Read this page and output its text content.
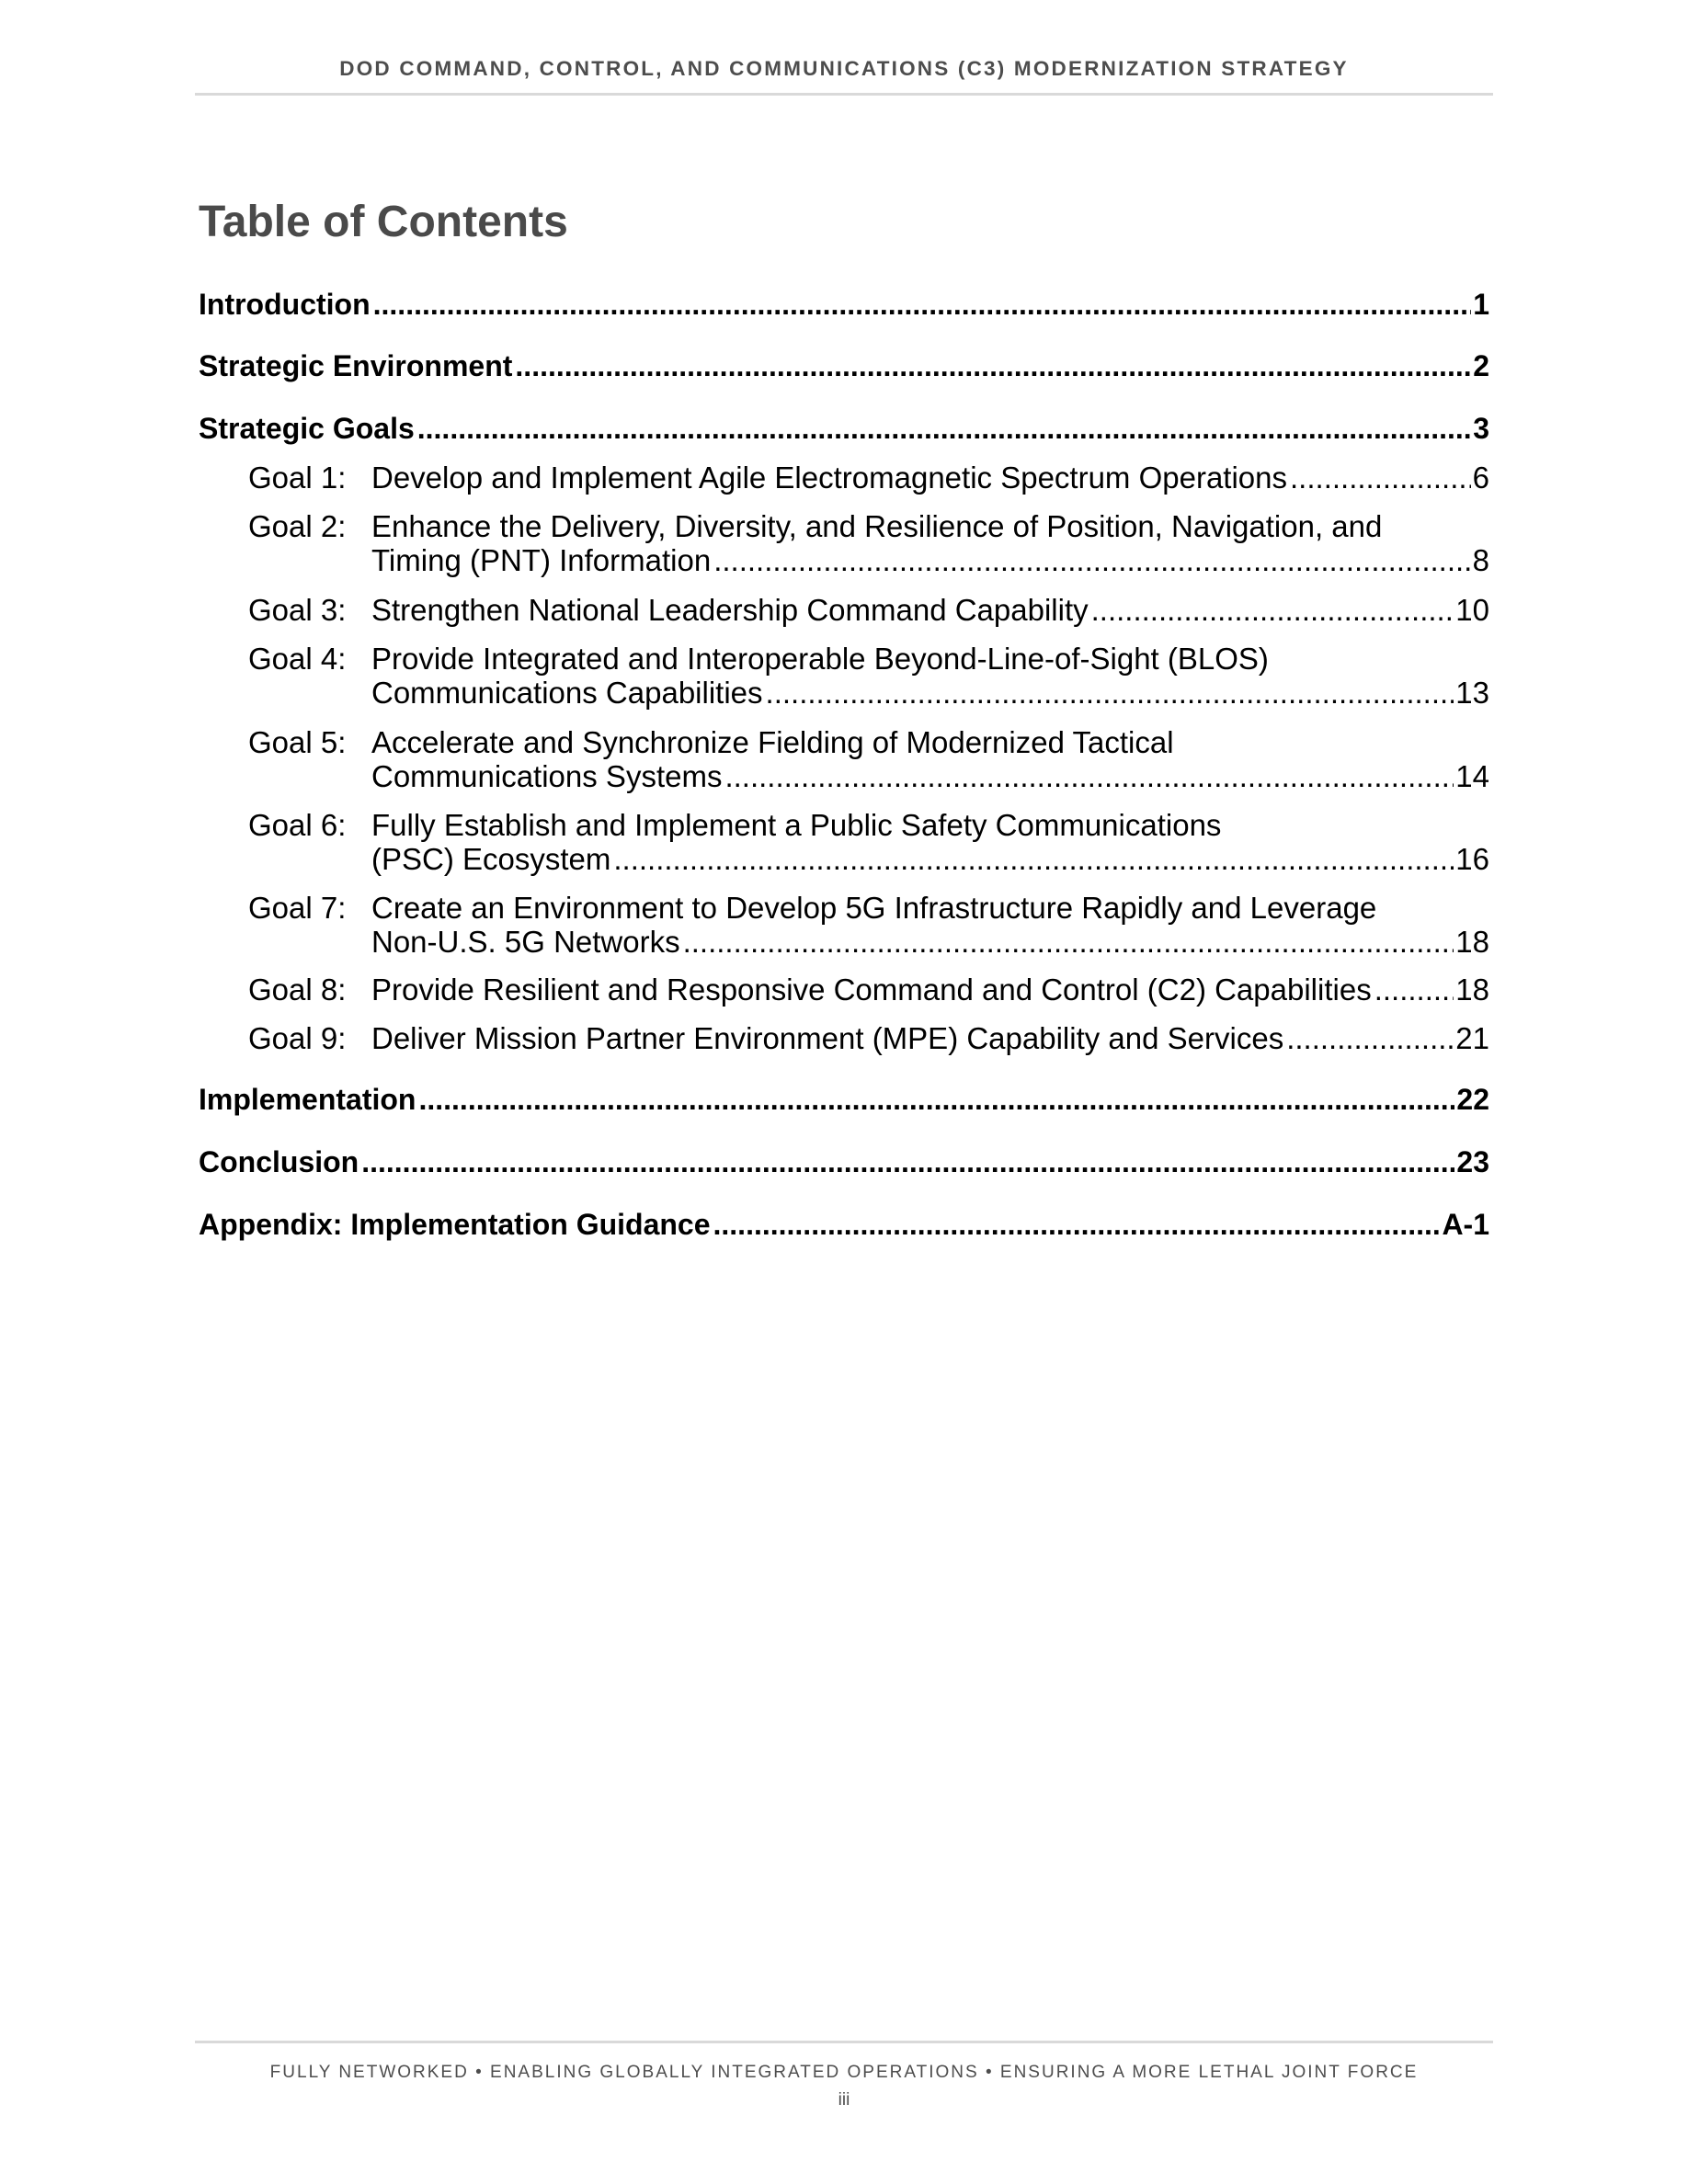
DOD COMMAND, CONTROL, AND COMMUNICATIONS (C3) MODERNIZATION STRATEGY
Table of Contents
Introduction .....	1
Strategic Environment .....	2
Strategic Goals .....	3
Goal 1: Develop and Implement Agile Electromagnetic Spectrum Operations .....	6
Goal 2: Enhance the Delivery, Diversity, and Resilience of Position, Navigation, and
Timing (PNT) Information .....	8
Goal 3: Strengthen National Leadership Command Capability .....	10
Goal 4: Provide Integrated and Interoperable Beyond-Line-of-Sight (BLOS)
Communications Capabilities .....	13
Goal 5: Accelerate and Synchronize Fielding of Modernized Tactical
Communications Systems .....	14
Goal 6: Fully Establish and Implement a Public Safety Communications
(PSC) Ecosystem .....	16
Goal 7: Create an Environment to Develop 5G Infrastructure Rapidly and Leverage
Non-U.S. 5G Networks .....	18
Goal 8: Provide Resilient and Responsive Command and Control (C2) Capabilities .....	18
Goal 9: Deliver Mission Partner Environment (MPE) Capability and Services .....	21
Implementation .....	22
Conclusion .....	23
Appendix: Implementation Guidance .....	A-1
FULLY NETWORKED • ENABLING GLOBALLY INTEGRATED OPERATIONS • ENSURING A MORE LETHAL JOINT FORCE
iii
